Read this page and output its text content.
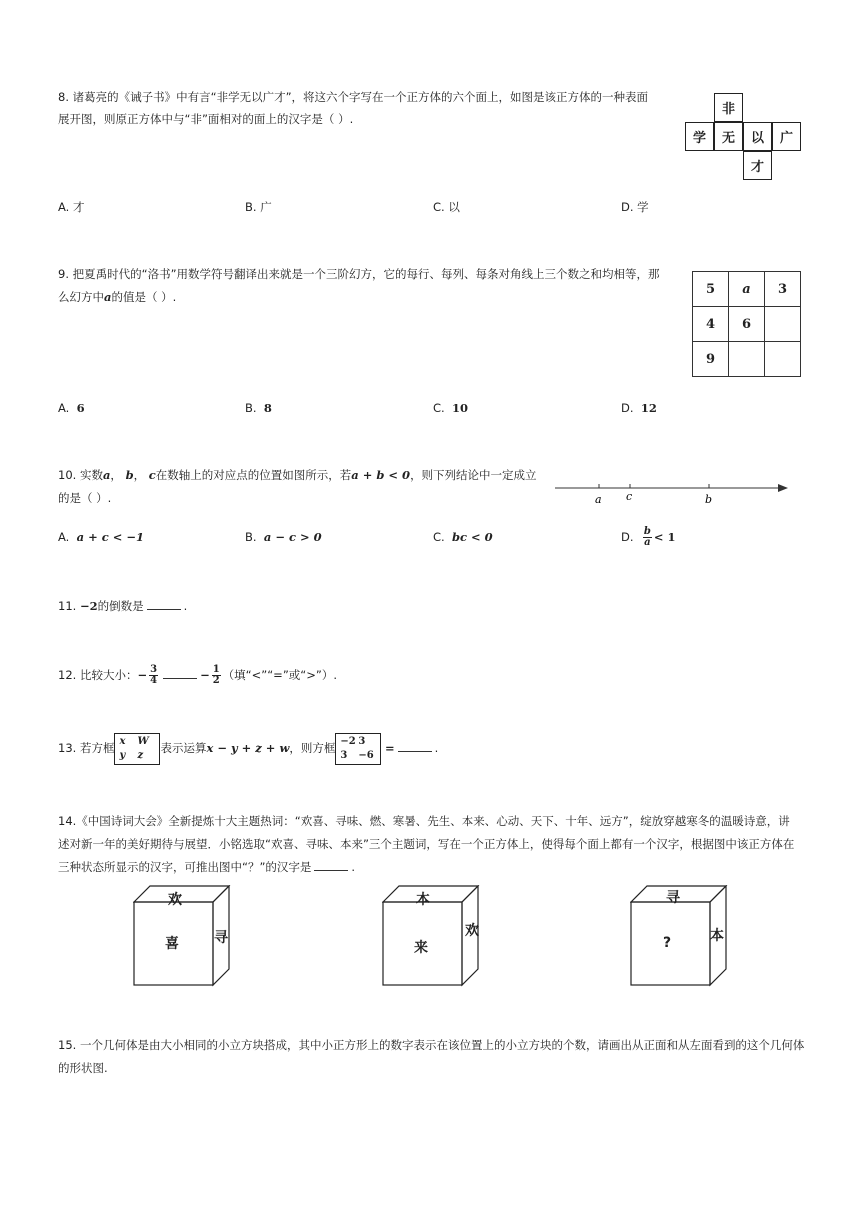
8. 诸葛亮的《诫子书》中有言“非学无以广才”，将这六个字写在一个正方体的六个面上，如图是该正方体的一种表面
展开图，则原正方体中与“非”面相对的面上的汉字是（ ）.
非
学	无	以	广
才
A. 才	B. 广	C. 以	D. 学
9. 把夏禹时代的“洛书”用数学符号翻译出来就是一个三阶幻方，它的每行、每列、每条对角线上三个数之和均相等，那
么幻方中a的值是（ ）.
5	a	3
4	6	
9		
A. 6	B. 8	C. 10	D. 12
10. 实数a， b， c在数轴上的对应点的位置如图所示，若a + b < 0，则下列结论中一定成立
的是（ ）.	a c	b
A. a + c < −1	B. a − c > 0	C. bc < 0	D. $\frac{b}{a} < 1$
11. −2的倒数是	.
12. 比较大小：− $\frac{3}{4}$	− $\frac{1}{2}$ （填“<”“=”或“>”）.
13. 若方框 x W
y z 表示运算x − y + z + w，则方框 −2 3
3 −6 =	.
14.《中国诗词大会》全新提炼十大主题热词：“欢喜、寻味、燃、寒暑、先生、本来、心动、天下、十年、远方”，绽放穿越寒冬的温暖诗意，讲
述对新一年的美好期待与展望．小铭选取“欢喜、寻味、本来”三个主题词，写在一个正方体上，使得每个面上都有一个汉字，根据图中该正方体在
三种状态所显示的汉字，可推出图中“？”的汉字是	.
欢
喜	寻
本
来
欢
寻
?	本
15. 一个几何体是由大小相同的小立方块搭成，其中小正方形上的数字表示在该位置上的小立方块的个数，请画出从正面和从左面看到的这个几何体
的形状图.
